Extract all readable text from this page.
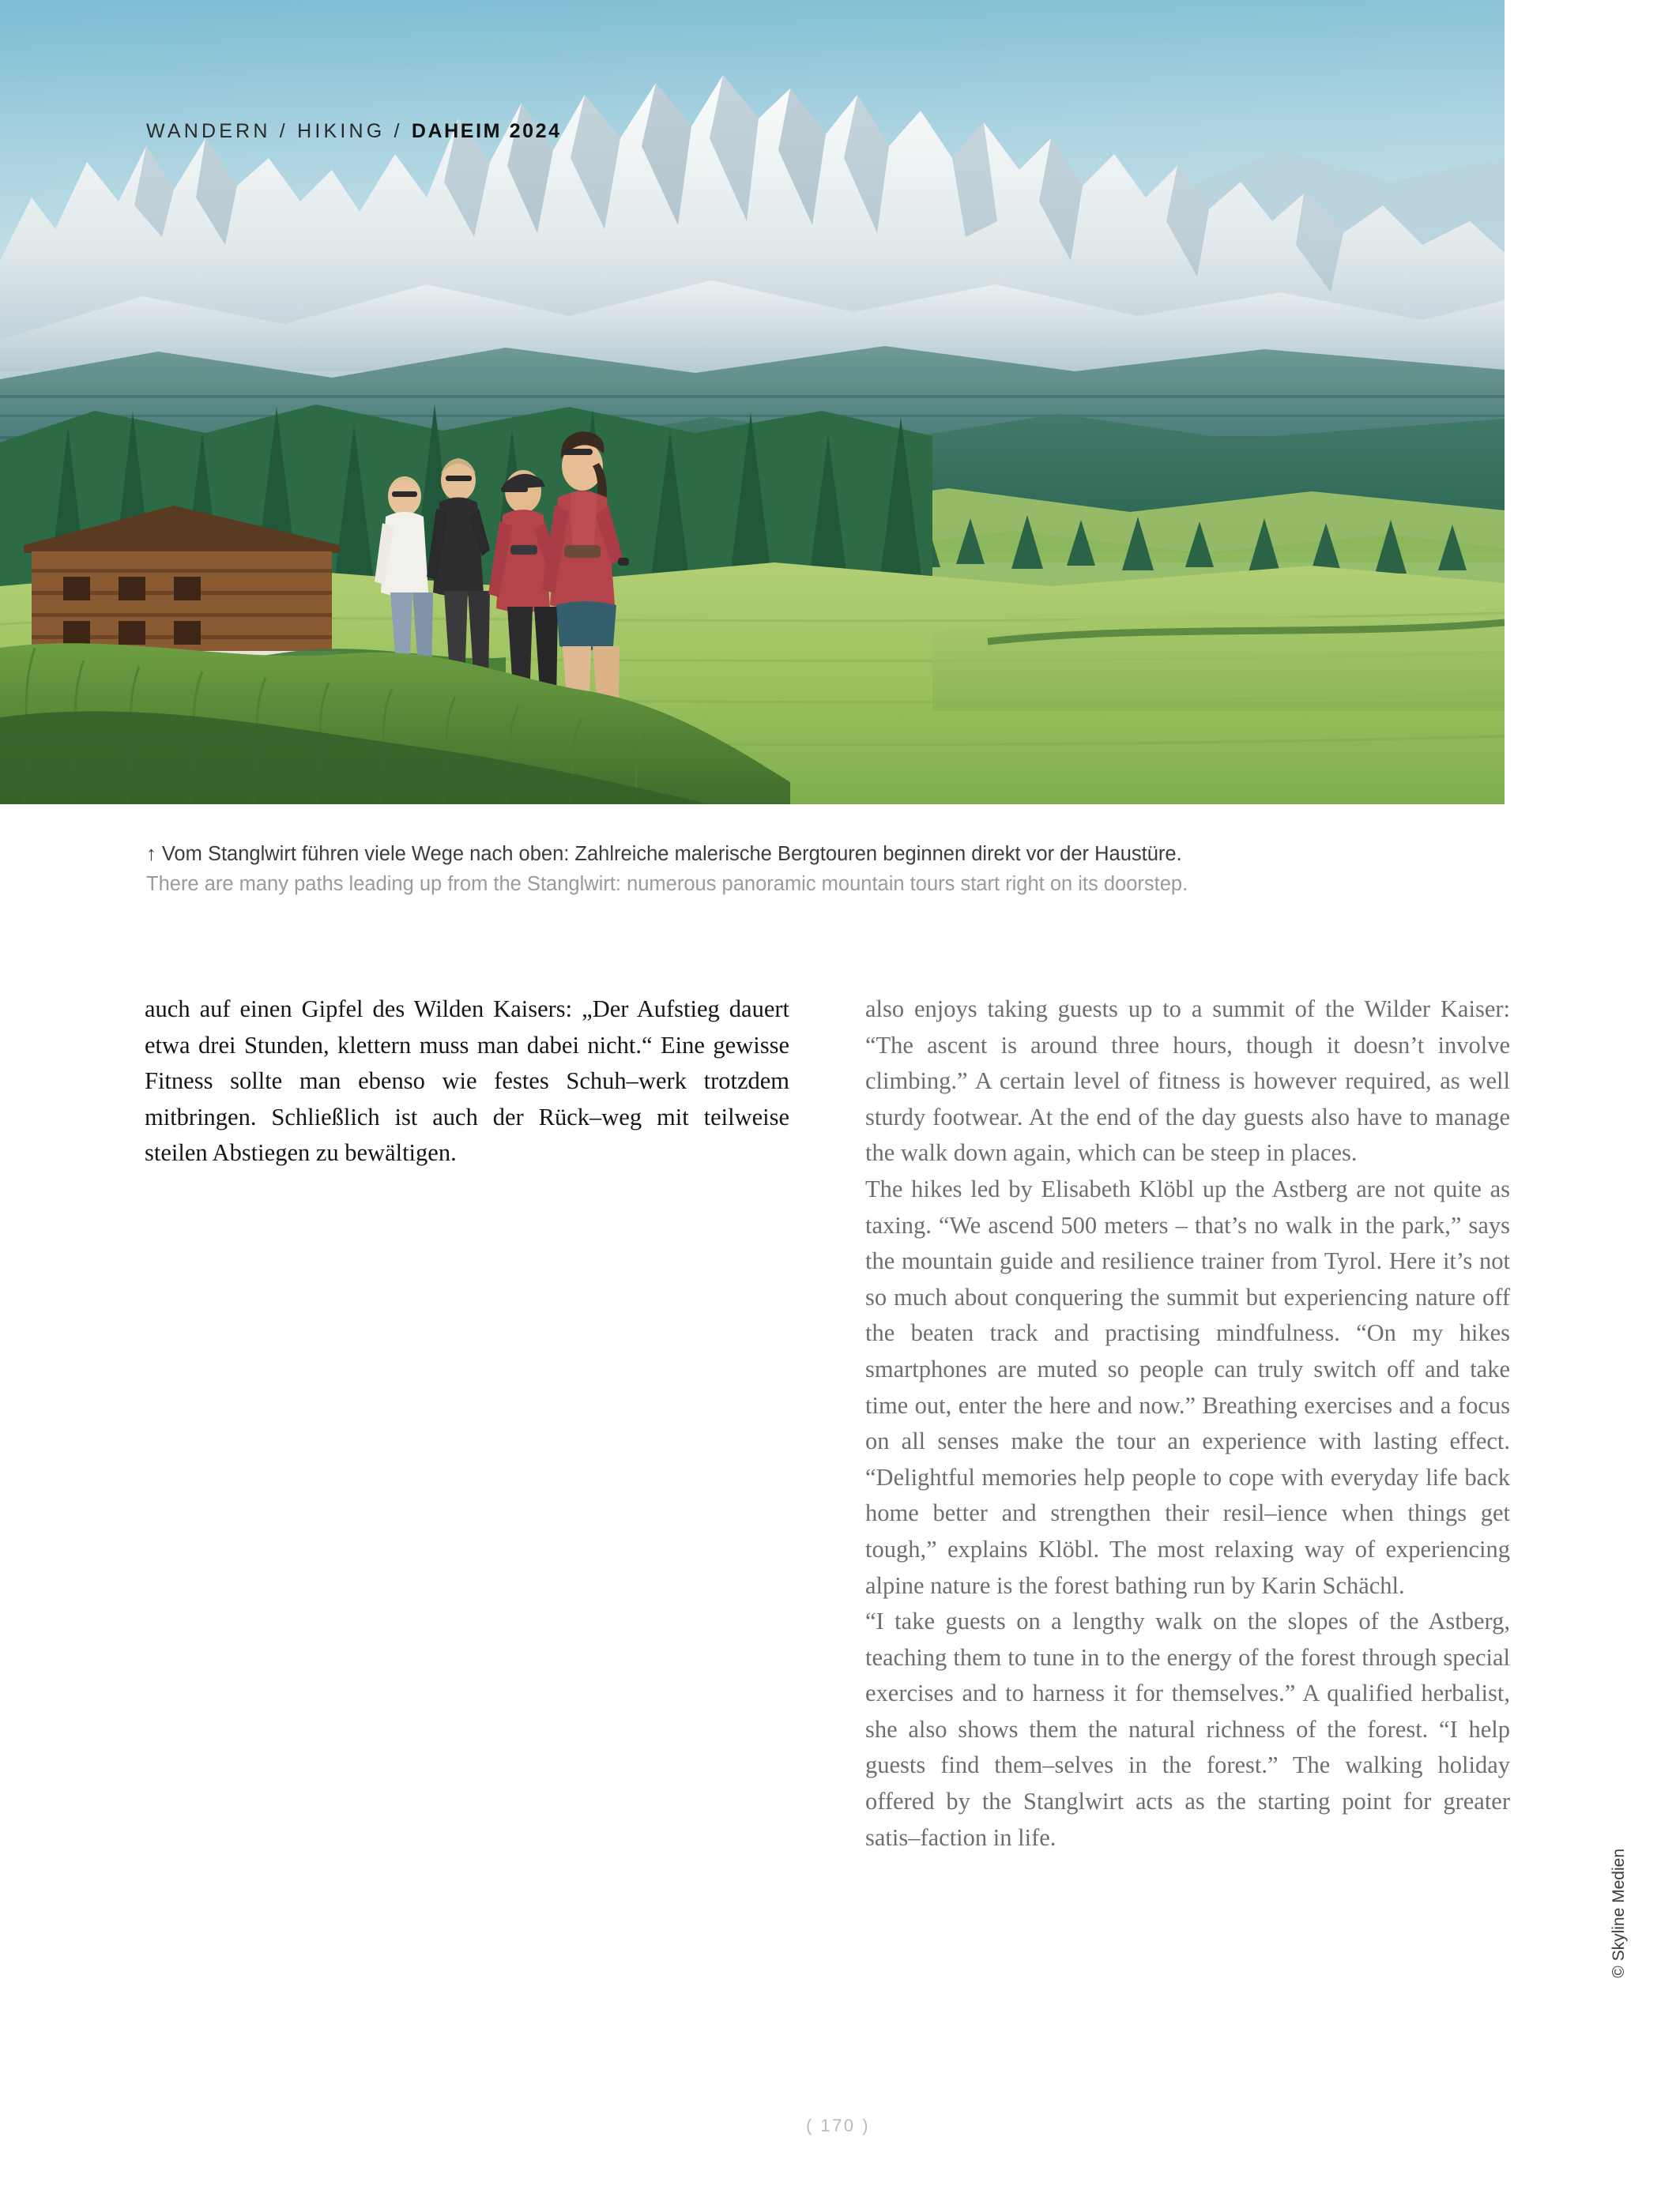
WANDERN / HIKING / DAHEIM 2024
↑ Vom Stanglwirt führen viele Wege nach oben: Zahlreiche malerische Bergtouren beginnen direkt vor der Haustüre.
There are many paths leading up from the Stanglwirt: numerous panoramic mountain tours start right on its doorstep.

auch auf einen Gipfel des Wilden Kaisers: „Der Aufstieg dauert etwa drei Stunden, klettern muss man dabei nicht.“ Eine gewisse Fitness sollte man ebenso wie festes Schuh–werk trotzdem mitbringen. Schließlich ist auch der Rück–weg mit teilweise steilen Abstiegen zu bewältigen.

also enjoys taking guests up to a summit of the Wilder Kaiser: “The ascent is around three hours, though it doesn’t involve climbing.” A certain level of fitness is however required, as well sturdy footwear. At the end of the day guests also have to manage the walk down again, which can be steep in places.

The hikes led by Elisabeth Klöbl up the Astberg are not quite as taxing. “We ascend 500 meters – that’s no walk in the park,” says the mountain guide and resilience trainer from Tyrol. Here it’s not so much about conquering the summit but experiencing nature off the beaten track and practising mindfulness. “On my hikes smartphones are muted so people can truly switch off and take time out, enter the here and now.” Breathing exercises and a focus on all senses make the tour an experience with lasting effect. “Delightful memories help people to cope with everyday life back home better and strengthen their resil–ience when things get tough,” explains Klöbl. The most relaxing way of experiencing alpine nature is the forest bathing run by Karin Schächl.

“I take guests on a lengthy walk on the slopes of the Astberg, teaching them to tune in to the energy of the forest through special exercises and to harness it for themselves.” A qualified herbalist, she also shows them the natural richness of the forest. “I help guests find them–selves in the forest.” The walking holiday offered by the Stanglwirt acts as the starting point for greater satis–faction in life.

© Skyline Medien
( 170 )
